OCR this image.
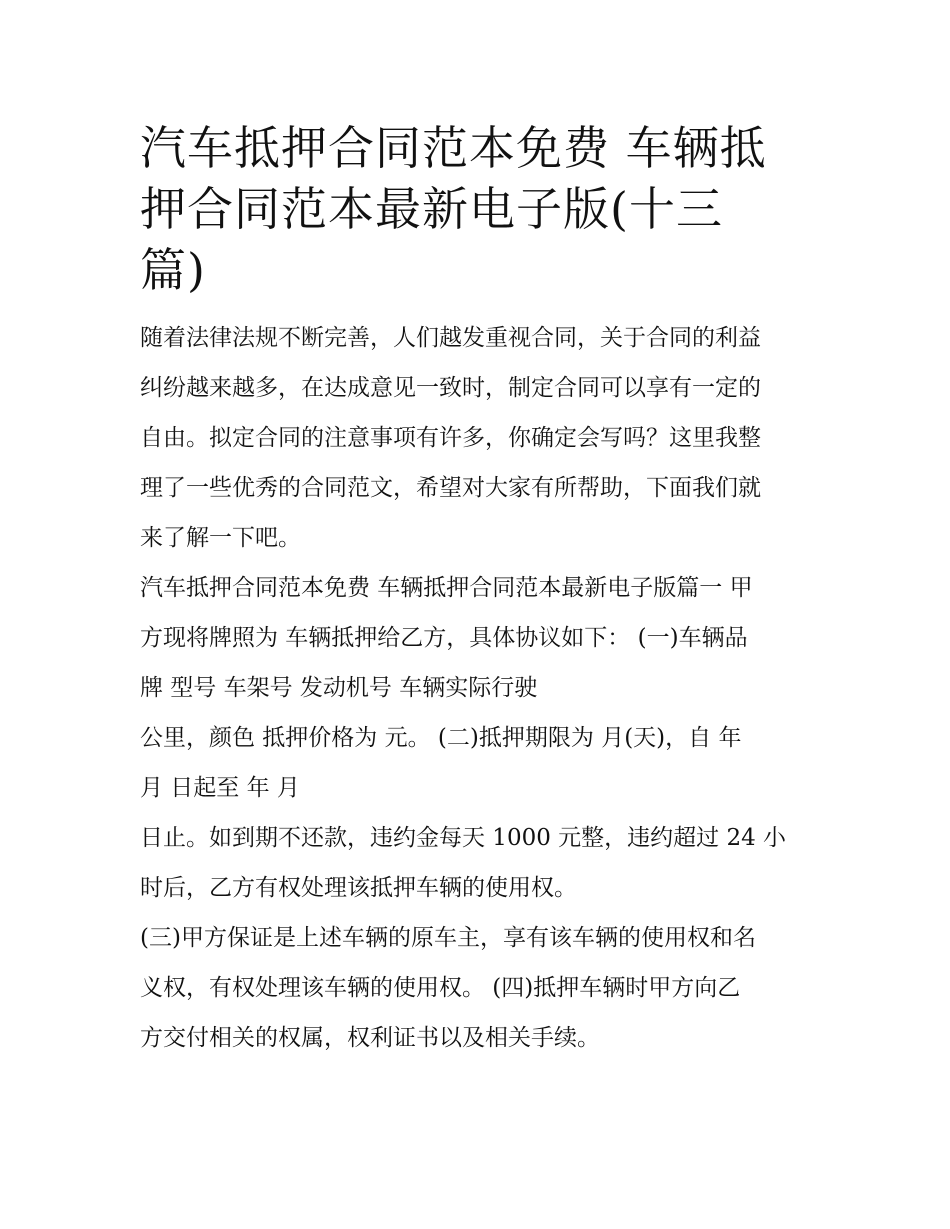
汽车抵押合同范本免费 车辆抵
押合同范本最新电子版(十三
篇)
随着法律法规不断完善，人们越发重视合同，关于合同的利益
纠纷越来越多，在达成意见一致时，制定合同可以享有一定的
自由。拟定合同的注意事项有许多，你确定会写吗？这里我整
理了一些优秀的合同范文，希望对大家有所帮助，下面我们就
来了解一下吧。
汽车抵押合同范本免费 车辆抵押合同范本最新电子版篇一 甲
方现将牌照为 车辆抵押给乙方，具体协议如下： (一)车辆品
牌 型号 车架号 发动机号 车辆实际行驶
公里，颜色 抵押价格为 元。 (二)抵押期限为 月(天)，自 年
月 日起至 年 月
日止。如到期不还款，违约金每天 1000 元整，违约超过 24 小
时后，乙方有权处理该抵押车辆的使用权。
(三)甲方保证是上述车辆的原车主，享有该车辆的使用权和名
义权，有权处理该车辆的使用权。 (四)抵押车辆时甲方向乙
方交付相关的权属，权利证书以及相关手续。
